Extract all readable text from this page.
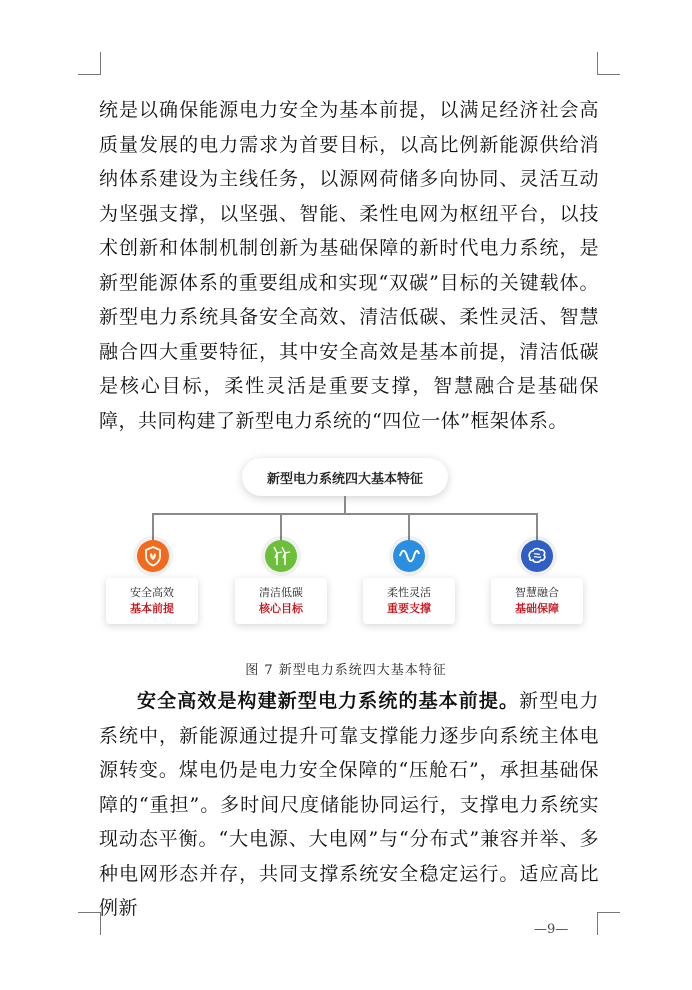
统是以确保能源电力安全为基本前提，以满足经济社会高质量发展的电力需求为首要目标，以高比例新能源供给消纳体系建设为主线任务，以源网荷储多向协同、灵活互动为坚强支撑，以坚强、智能、柔性电网为枢纽平台，以技术创新和体制机制创新为基础保障的新时代电力系统，是新型能源体系的重要组成和实现“双碳”目标的关键载体。新型电力系统具备安全高效、清洁低碳、柔性灵活、智慧融合四大重要特征，其中安全高效是基本前提，清洁低碳是核心目标，柔性灵活是重要支撑，智慧融合是基础保障，共同构建了新型电力系统的“四位一体”框架体系。

新型电力系统四大基本特征
安全高效
基本前提
清洁低碳
核心目标
柔性灵活
重要支撑
智慧融合
基础保障
图 7 新型电力系统四大基本特征

安全高效是构建新型电力系统的基本前提。新型电力系统中，新能源通过提升可靠支撑能力逐步向系统主体电源转变。煤电仍是电力安全保障的“压舱石”，承担基础保障的“重担”。多时间尺度储能协同运行，支撑电力系统实现动态平衡。“大电源、大电网”与“分布式”兼容并举、多种电网形态并存，共同支撑系统安全稳定运行。适应高比例新

—9—
